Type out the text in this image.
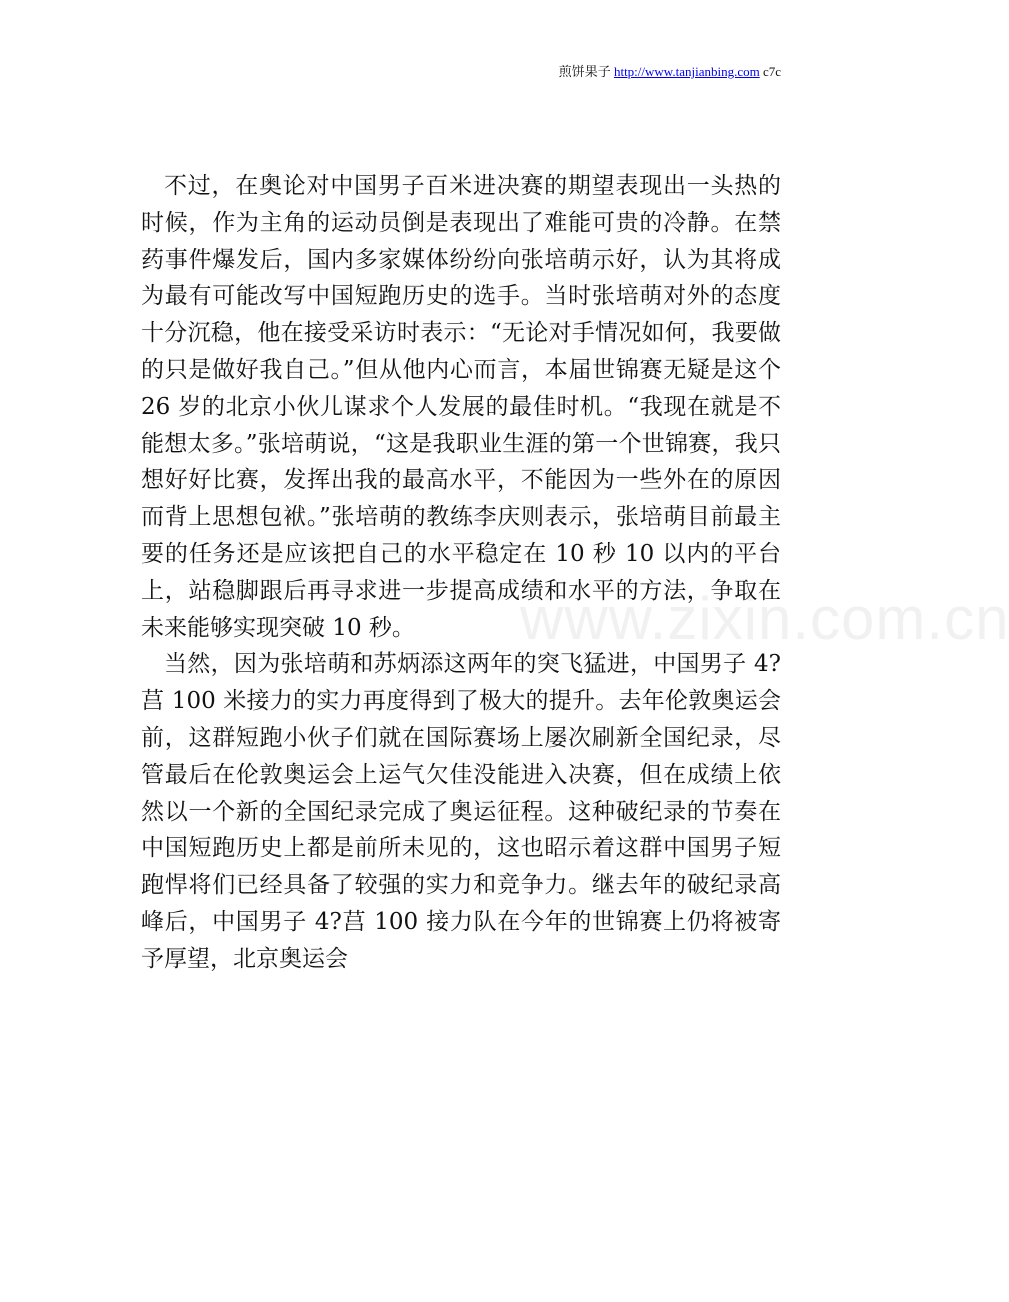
煎饼果子 http://www.tanjianbing.com c7c
www.zixin.com.cn

不过，在奥论对中国男子百米进决赛的期望表现出一头热的时候，作为主角的运动员倒是表现出了难能可贵的冷静。在禁药事件爆发后，国内多家媒体纷纷向张培萌示好，认为其将成为最有可能改写中国短跑历史的选手。当时张培萌对外的态度十分沉稳，他在接受采访时表示：“无论对手情况如何，我要做的只是做好我自己。”但从他内心而言，本届世锦赛无疑是这个 26 岁的北京小伙儿谋求个人发展的最佳时机。“我现在就是不能想太多。”张培萌说，“这是我职业生涯的第一个世锦赛，我只想好好比赛，发挥出我的最高水平，不能因为一些外在的原因而背上思想包袱。”张培萌的教练李庆则表示，张培萌目前最主要的任务还是应该把自己的水平稳定在 10 秒 10 以内的平台上，站稳脚跟后再寻求进一步提高成绩和水平的方法，争取在未来能够实现突破 10 秒。

当然，因为张培萌和苏炳添这两年的突飞猛进，中国男子 4?莒 100 米接力的实力再度得到了极大的提升。去年伦敦奥运会前，这群短跑小伙子们就在国际赛场上屡次刷新全国纪录，尽管最后在伦敦奥运会上运气欠佳没能进入决赛，但在成绩上依然以一个新的全国纪录完成了奥运征程。这种破纪录的节奏在中国短跑历史上都是前所未见的，这也昭示着这群中国男子短跑悍将们已经具备了较强的实力和竞争力。继去年的破纪录高峰后，中国男子 4?莒 100 接力队在今年的世锦赛上仍将被寄予厚望，北京奥运会
